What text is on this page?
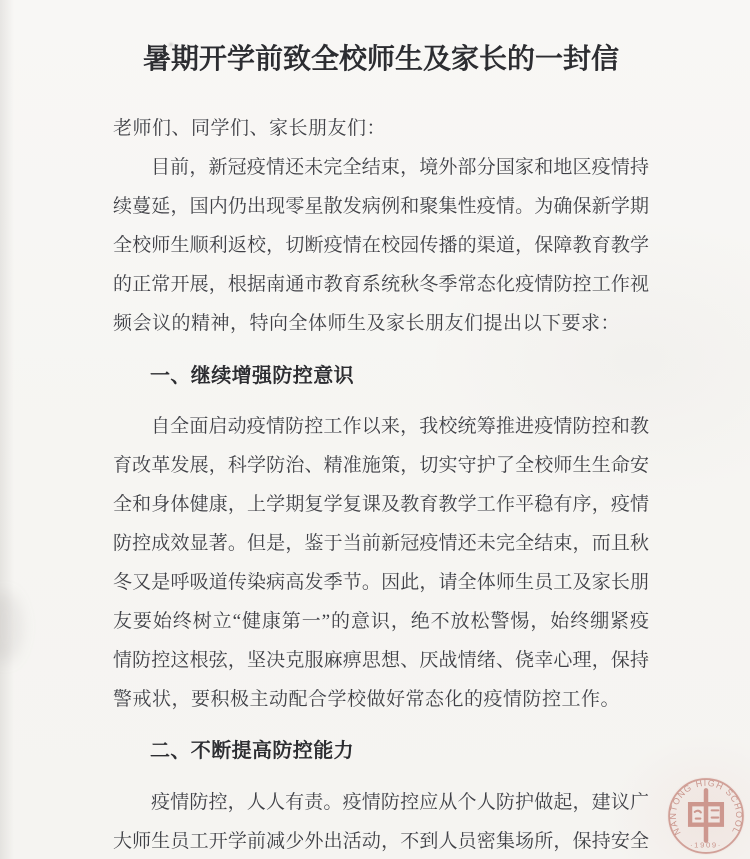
暑期开学前致全校师生及家长的一封信
老师们、同学们、家长朋友们：
目前，新冠疫情还未完全结束，境外部分国家和地区疫情持
续蔓延，国内仍出现零星散发病例和聚集性疫情。为确保新学期
全校师生顺利返校，切断疫情在校园传播的渠道，保障教育教学
的正常开展，根据南通市教育系统秋冬季常态化疫情防控工作视
频会议的精神，特向全体师生及家长朋友们提出以下要求：
一、继续增强防控意识
自全面启动疫情防控工作以来，我校统筹推进疫情防控和教
育改革发展，科学防治、精准施策，切实守护了全校师生生命安
全和身体健康，上学期复学复课及教育教学工作平稳有序，疫情
防控成效显著。但是，鉴于当前新冠疫情还未完全结束，而且秋
冬又是呼吸道传染病高发季节。因此，请全体师生员工及家长朋
友要始终树立“健康第一”的意识，绝不放松警惕，始终绷紧疫
情防控这根弦，坚决克服麻痹思想、厌战情绪、侥幸心理，保持
警戒状，要积极主动配合学校做好常态化的疫情防控工作。
二、不断提高防控能力
疫情防控，人人有责。疫情防控应从个人防护做起，建议广
大师生员工开学前减少外出活动，不到人员密集场所，保持安全 NANTONG HIGH SCHOOL
·1909·
